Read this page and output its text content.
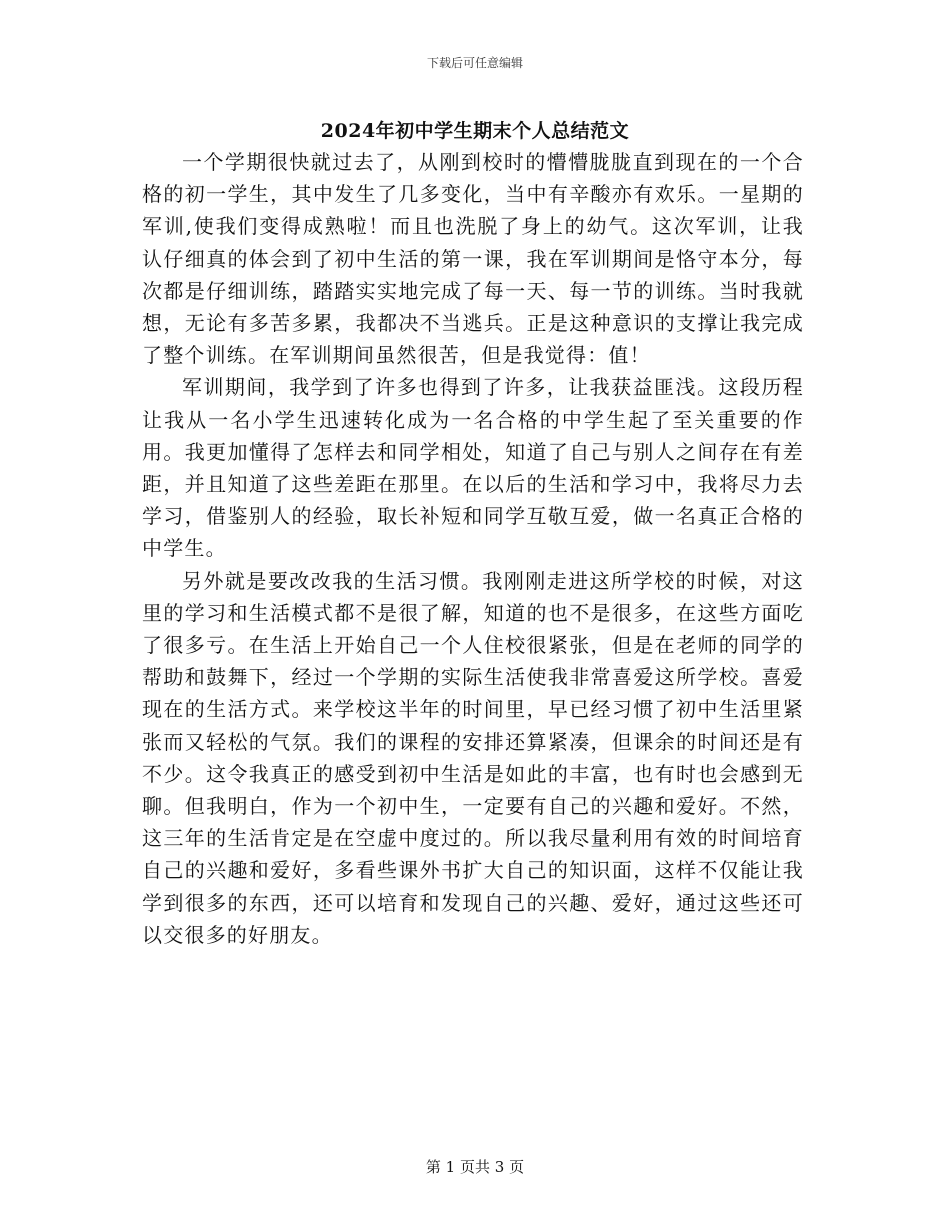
下载后可任意编辑
2024年初中学生期末个人总结范文

一个学期很快就过去了，从刚到校时的懵懵胧胧直到现在的一个合格的初一学生，其中发生了几多变化，当中有辛酸亦有欢乐。一星期的军训,使我们变得成熟啦！而且也洗脱了身上的幼气。这次军训，让我认仔细真的体会到了初中生活的第一课，我在军训期间是恪守本分，每次都是仔细训练，踏踏实实地完成了每一天、每一节的训练。当时我就想，无论有多苦多累，我都决不当逃兵。正是这种意识的支撑让我完成了整个训练。在军训期间虽然很苦，但是我觉得：值！

军训期间，我学到了许多也得到了许多，让我获益匪浅。这段历程让我从一名小学生迅速转化成为一名合格的中学生起了至关重要的作用。我更加懂得了怎样去和同学相处，知道了自己与别人之间存在有差距，并且知道了这些差距在那里。在以后的生活和学习中，我将尽力去学习，借鉴别人的经验，取长补短和同学互敬互爱，做一名真正合格的中学生。

另外就是要改改我的生活习惯。我刚刚走进这所学校的时候，对这里的学习和生活模式都不是很了解，知道的也不是很多，在这些方面吃了很多亏。在生活上开始自己一个人住校很紧张，但是在老师的同学的帮助和鼓舞下，经过一个学期的实际生活使我非常喜爱这所学校。喜爱现在的生活方式。来学校这半年的时间里，早已经习惯了初中生活里紧张而又轻松的气氛。我们的课程的安排还算紧凑，但课余的时间还是有不少。这令我真正的感受到初中生活是如此的丰富，也有时也会感到无聊。但我明白，作为一个初中生，一定要有自己的兴趣和爱好。不然，这三年的生活肯定是在空虚中度过的。所以我尽量利用有效的时间培育自己的兴趣和爱好，多看些课外书扩大自己的知识面，这样不仅能让我学到很多的东西，还可以培育和发现自己的兴趣、爱好，通过这些还可以交很多的好朋友。

第 1 页共 3 页
